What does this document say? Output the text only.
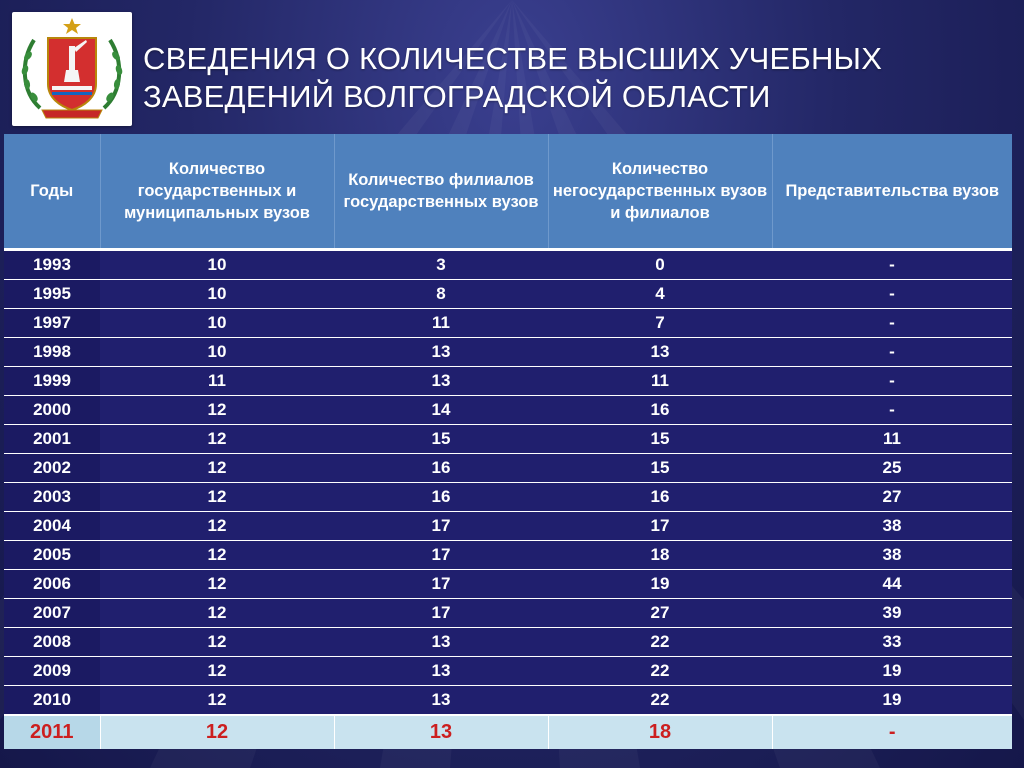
СВЕДЕНИЯ О КОЛИЧЕСТВЕ ВЫСШИХ УЧЕБНЫХ
ЗАВЕДЕНИЙ ВОЛГОГРАДСКОЙ ОБЛАСТИ
Годы	Количество государственных и муниципальных вузов	Количество филиалов государственных вузов	Количество негосударственных вузов и филиалов	Представительства вузов
1993	10	3	0	-
1995	10	8	4	-
1997	10	11	7	-
1998	10	13	13	-
1999	11	13	11	-
2000	12	14	16	-
2001	12	15	15	11
2002	12	16	15	25
2003	12	16	16	27
2004	12	17	17	38
2005	12	17	18	38
2006	12	17	19	44
2007	12	17	27	39
2008	12	13	22	33
2009	12	13	22	19
2010	12	13	22	19
2011	12	13	18	-
